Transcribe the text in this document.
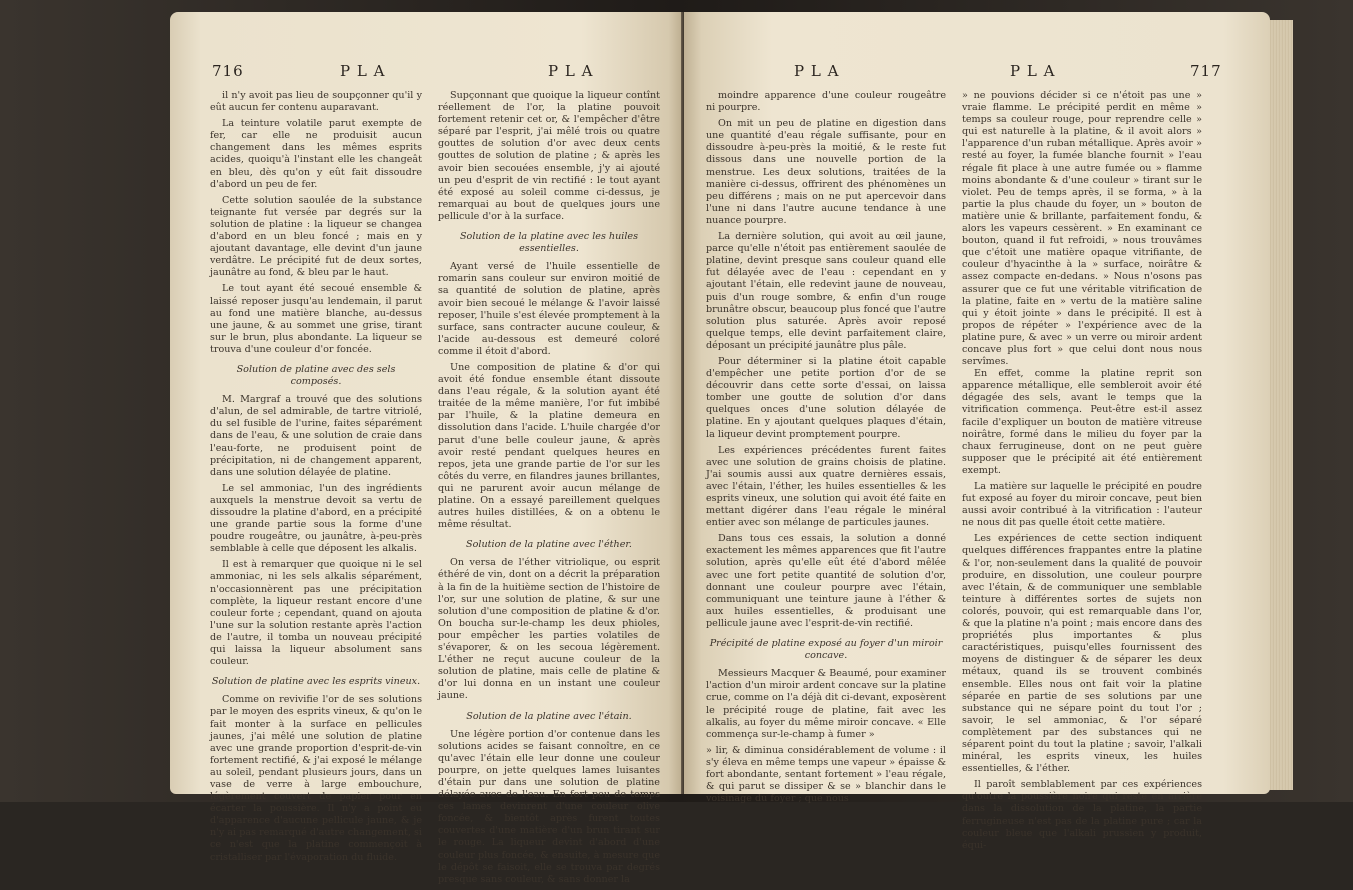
716	P L A	P L A

il n'y avoit pas lieu de soupçonner qu'il y eût aucun fer contenu auparavant.

La teinture volatile parut exempte de fer, car elle ne produisit aucun changement dans les mêmes esprits acides, quoiqu'à l'instant elle les changeât en bleu, dès qu'on y eût fait dissoudre d'abord un peu de fer.

Cette solution saoulée de la substance teignante fut versée par degrés sur la solution de platine : la liqueur se changea d'abord en un bleu foncé ; mais en y ajoutant davantage, elle devint d'un jaune verdâtre. Le précipité fut de deux sortes, jaunâtre au fond, & bleu par le haut.

Le tout ayant été secoué ensemble & laissé reposer jusqu'au lendemain, il parut au fond une matière blanche, au-dessus une jaune, & au sommet une grise, tirant sur le brun, plus abondante. La liqueur se trouva d'une couleur d'or foncée.

Solution de platine avec des sels composés.

M. Margraf a trouvé que des solutions d'alun, de sel admirable, de tartre vitriolé, du sel fusible de l'urine, faites séparément dans de l'eau, & une solution de craie dans l'eau-forte, ne produisent point de précipitation, ni de changement apparent, dans une solution délayée de platine.

Le sel ammoniac, l'un des ingrédients auxquels la menstrue devoit sa vertu de dissoudre la platine d'abord, en a précipité une grande partie sous la forme d'une poudre rougeâtre, ou jaunâtre, à-peu-près semblable à celle que déposent les alkalis.

Il est à remarquer que quoique ni le sel ammoniac, ni les sels alkalis séparément, n'occasionnèrent pas une précipitation complète, la liqueur restant encore d'une couleur forte ; cependant, quand on ajouta l'une sur la solution restante après l'action de l'autre, il tomba un nouveau précipité qui laissa la liqueur absolument sans couleur.

Solution de platine avec les esprits vineux.

Comme on revivifie l'or de ses solutions par le moyen des esprits vineux, & qu'on le fait monter à la surface en pellicules jaunes, j'ai mêlé une solution de platine avec une grande proportion d'esprit-de-vin fortement rectifié, & j'ai exposé le mélange au soleil, pendant plusieurs jours, dans un vase de verre à large embouchure, légèrement couvert de papier pour en écarter la poussière. Il n'y a point eu d'apparence d'aucune pellicule jaune, & je n'y ai pas remarqué d'autre changement, si ce n'est que la platine commençoit à cristalliser par l'évaporation du fluide.

Supçonnant que quoique la liqueur contînt réellement de l'or, la platine pouvoit fortement retenir cet or, & l'empêcher d'être séparé par l'esprit, j'ai mêlé trois ou quatre gouttes de solution d'or avec deux cents gouttes de solution de platine ; & après les avoir bien secouées ensemble, j'y ai ajouté un peu d'esprit de vin rectifié : le tout ayant été exposé au soleil comme ci-dessus, je remarquai au bout de quelques jours une pellicule d'or à la surface.

Solution de la platine avec les huiles essentielles.

Ayant versé de l'huile essentielle de romarin sans couleur sur environ moitié de sa quantité de solution de platine, après avoir bien secoué le mélange & l'avoir laissé reposer, l'huile s'est élevée promptement à la surface, sans contracter aucune couleur, & l'acide au-dessous est demeuré coloré comme il étoit d'abord.

Une composition de platine & d'or qui avoit été fondue ensemble étant dissoute dans l'eau régale, & la solution ayant été traitée de la même manière, l'or fut imbibé par l'huile, & la platine demeura en dissolution dans l'acide. L'huile chargée d'or parut d'une belle couleur jaune, & après avoir resté pendant quelques heures en repos, jeta une grande partie de l'or sur les côtés du verre, en filandres jaunes brillantes, qui ne parurent avoir aucun mélange de platine. On a essayé pareillement quelques autres huiles distillées, & on a obtenu le même résultat.

Solution de la platine avec l'éther.

On versa de l'éther vitriolique, ou esprit éthéré de vin, dont on a décrit la préparation à la fin de la huitième section de l'histoire de l'or, sur une solution de platine, & sur une solution d'une composition de platine & d'or. On boucha sur-le-champ les deux phioles, pour empêcher les parties volatiles de s'évaporer, & on les secoua légèrement. L'éther ne reçut aucune couleur de la solution de platine, mais celle de platine & d'or lui donna en un instant une couleur jaune.

Solution de la platine avec l'étain.

Une légère portion d'or contenue dans les solutions acides se faisant connoître, en ce qu'avec l'étain elle leur donne une couleur pourpre, on jette quelques lames luisantes d'étain pur dans une solution de platine délayée avec de l'eau. En fort peu de temps ces lames devinrent d'une couleur olive foncée, & bientôt après furent toutes couvertes d'une matière d'un brun tirant sur le rouge. La liqueur devint d'abord d'une couleur plus foncée, & ensuite, à mesure que le dépôt se faisoit, elle se trouva par degrés presque sans couleur, & sans donner la

P L A	P L A	717

moindre apparence d'une couleur rougeâtre ni pourpre.

On mit un peu de platine en digestion dans une quantité d'eau régale suffisante, pour en dissoudre à-peu-près la moitié, & le reste fut dissous dans une nouvelle portion de la menstrue. Les deux solutions, traitées de la manière ci-dessus, offrirent des phénomènes un peu différens ; mais on ne put apercevoir dans l'une ni dans l'autre aucune tendance à une nuance pourpre.

La dernière solution, qui avoit au œil jaune, parce qu'elle n'étoit pas entièrement saoulée de platine, devint presque sans couleur quand elle fut délayée avec de l'eau : cependant en y ajoutant l'étain, elle redevint jaune de nouveau, puis d'un rouge sombre, & enfin d'un rouge brunâtre obscur, beaucoup plus foncé que l'autre solution plus saturée. Après avoir reposé quelque temps, elle devint parfaitement claire, déposant un précipité jaunâtre plus pâle.

Pour déterminer si la platine étoit capable d'empêcher une petite portion d'or de se découvrir dans cette sorte d'essai, on laissa tomber une goutte de solution d'or dans quelques onces d'une solution délayée de platine. En y ajoutant quelques plaques d'étain, la liqueur devint promptement pourpre.

Les expériences précédentes furent faites avec une solution de grains choisis de platine. J'ai soumis aussi aux quatre dernières essais, avec l'étain, l'éther, les huiles essentielles & les esprits vineux, une solution qui avoit été faite en mettant digérer dans l'eau régale le minéral entier avec son mélange de particules jaunes.

Dans tous ces essais, la solution a donné exactement les mêmes apparences que fit l'autre solution, après qu'elle eût été d'abord mêlée avec une fort petite quantité de solution d'or, donnant une couleur pourpre avec l'étain, communiquant une teinture jaune à l'éther & aux huiles essentielles, & produisant une pellicule jaune avec l'esprit-de-vin rectifié.

Précipité de platine exposé au foyer d'un miroir concave.

Messieurs Macquer & Beaumé, pour examiner l'action d'un miroir ardent concave sur la platine crue, comme on l'a déjà dit ci-devant, exposèrent le précipité rouge de platine, fait avec les alkalis, au foyer du même miroir concave. « Elle commença sur-le-champ à fumer »

» lir, & diminua considérablement de volume : il s'y éleva en même temps une vapeur » épaisse & fort abondante, sentant fortement » l'eau régale, & qui parut se dissiper & se » blanchir dans le voisinage du foyer ; que nous

» ne pouvions décider si ce n'étoit pas une » vraie flamme. Le précipité perdit en même » temps sa couleur rouge, pour reprendre celle » qui est naturelle à la platine, & il avoit alors » l'apparence d'un ruban métallique. Après avoir » resté au foyer, la fumée blanche fournit » l'eau régale fit place à une autre fumée ou » flamme moins abondante & d'une couleur » tirant sur le violet. Peu de temps après, il se forma, » à la partie la plus chaude du foyer, un » bouton de matière unie & brillante, parfaitement fondu, & alors les vapeurs cessèrent. » En examinant ce bouton, quand il fut refroidi, » nous trouvâmes que c'étoit une matière opaque vitrifiante, de couleur d'hyacinthe à la » surface, noirâtre & assez compacte en-dedans. » Nous n'osons pas assurer que ce fut une véritable vitrification de la platine, faite en » vertu de la matière saline qui y étoit jointe » dans le précipité. Il est à propos de répéter » l'expérience avec de la platine pure, & avec » un verre ou miroir ardent concave plus fort » que celui dont nous nous servîmes.

En effet, comme la platine reprit son apparence métallique, elle sembleroit avoir été dégagée des sels, avant le temps que la vitrification commença. Peut-être est-il assez facile d'expliquer un bouton de matière vitreuse noirâtre, formé dans le milieu du foyer par la chaux ferrugineuse, dont on ne peut guère supposer que le précipité ait été entièrement exempt.

La matière sur laquelle le précipité en poudre fut exposé au foyer du miroir concave, peut bien aussi avoir contribué à la vitrification : l'auteur ne nous dit pas quelle étoit cette matière.

Les expériences de cette section indiquent quelques différences frappantes entre la platine & l'or, non-seulement dans la qualité de pouvoir produire, en dissolution, une couleur pourpre avec l'étain, & de communiquer une semblable teinture à différentes sortes de sujets non colorés, pouvoir, qui est remarquable dans l'or, & que la platine n'a point ; mais encore dans des propriétés plus importantes & plus caractéristiques, puisqu'elles fournissent des moyens de distinguer & de séparer les deux métaux, quand ils se trouvent combinés ensemble. Elles nous ont fait voir la platine séparée en partie de ses solutions par une substance qui ne sépare point du tout l'or ; savoir, le sel ammoniac, & l'or séparé complètement par des substances qui ne séparent point du tout la platine ; savoir, l'alkali minéral, les esprits vineux, les huiles essentielles, & l'éther.

Il paroît semblablement par ces expériences qu'outre la poussière noire qui reste en arrière dans la dissolution de la platine, la partie ferrugineuse n'est pas de la platine pure ; car la couleur bleue que l'alkali prussien y produit, équi-
